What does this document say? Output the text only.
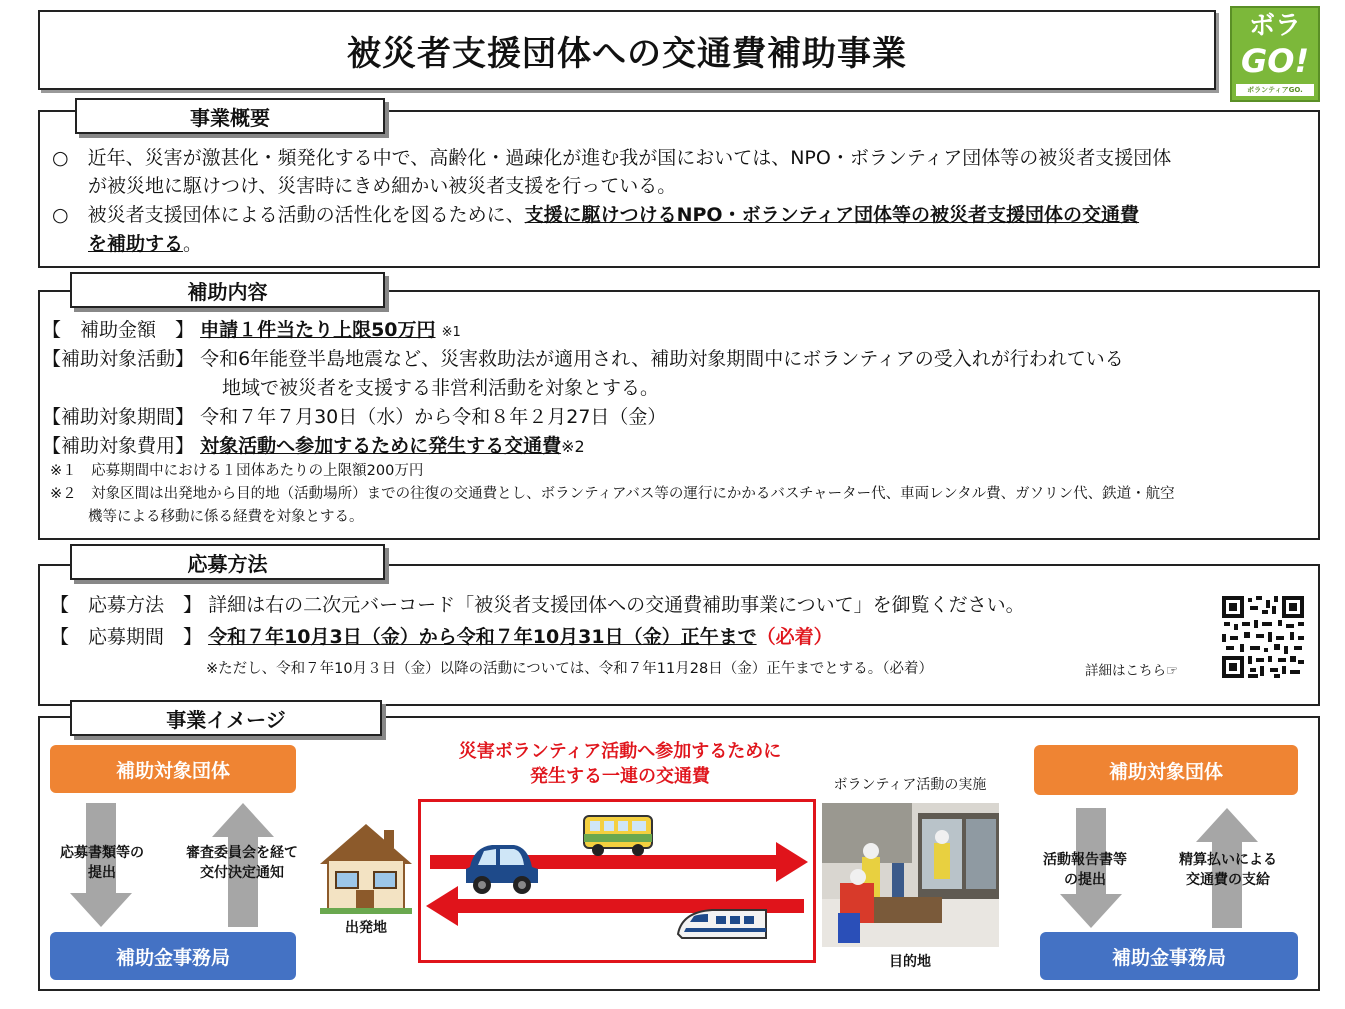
被災者支援団体への交通費補助事業
ボラ
GO!
ボランティアGO.
事業概要
○　近年、災害が激甚化・頻発化する中で、高齢化・過疎化が進む我が国においては、NPO・ボランティア団体等の被災者支援団体
が被災地に駆けつけ、災害時にきめ細かい被災者支援を行っている。
○　被災者支援団体による活動の活性化を図るために、支援に駆けつけるNPO・ボランティア団体等の被災者支援団体の交通費
を補助する。
補助内容
【　補助金額　】 申請１件当たり上限50万円 ※1
【補助対象活動】 令和6年能登半島地震など、災害救助法が適用され、補助対象期間中にボランティアの受入れが行われている
地域で被災者を支援する非営利活動を対象とする。
【補助対象期間】 令和７年７月30日（水）から令和８年２月27日（金）
【補助対象費用】 対象活動へ参加するために発生する交通費※2
※１　応募期間中における１団体あたりの上限額200万円
※２　対象区間は出発地から目的地（活動場所）までの往復の交通費とし、ボランティアバス等の運行にかかるバスチャーター代、車両レンタル費、ガソリン代、鉄道・航空
機等による移動に係る経費を対象とする。
応募方法
【　応募方法　】 詳細は右の二次元バーコード「被災者支援団体への交通費補助事業について」を御覧ください。
【　応募期間　】 令和７年10月3日（金）から令和７年10月31日（金）正午まで（必着）
※ただし、令和７年10月３日（金）以降の活動については、令和７年11月28日（金）正午までとする。（必着）	詳細はこちら☞
事業イメージ
補助対象団体
補助金事務局
応募書類等の
提出
審査委員会を経て
交付決定通知
出発地
災害ボランティア活動へ参加するために
発生する一連の交通費	ボランティア活動の実施
目的地
補助対象団体
補助金事務局
活動報告書等
の提出
精算払いによる
交通費の支給
